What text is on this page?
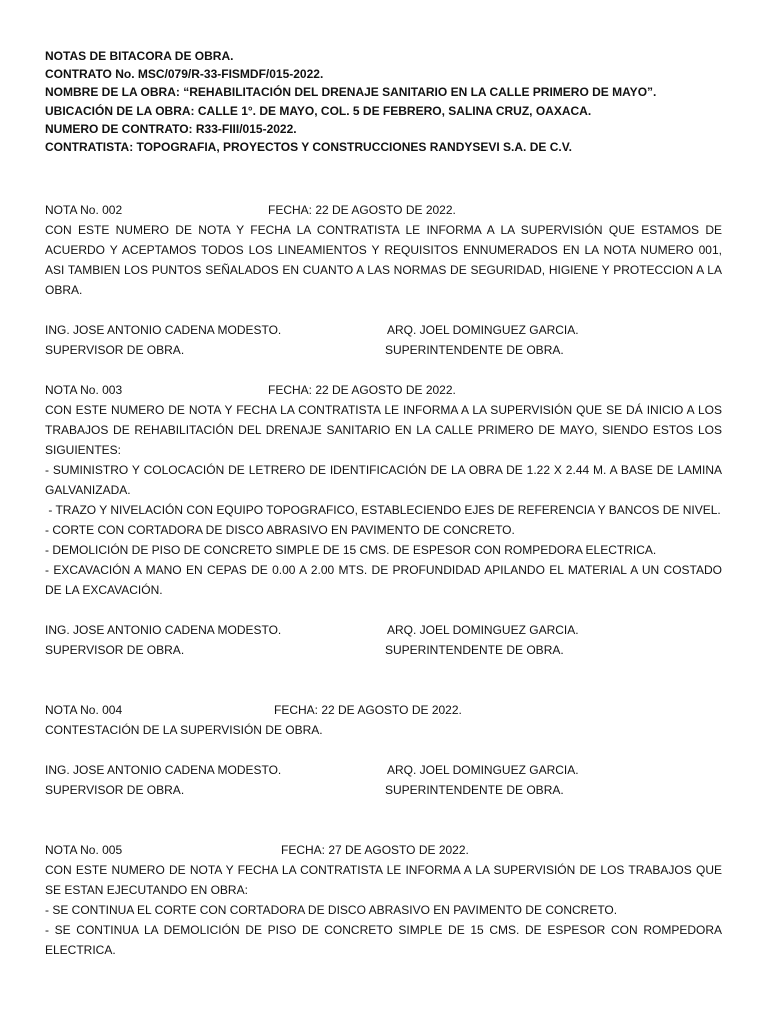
NOTAS DE BITACORA DE OBRA.
CONTRATO No. MSC/079/R-33-FISMDF/015-2022.
NOMBRE DE LA OBRA: “REHABILITACIÓN DEL DRENAJE SANITARIO EN LA CALLE PRIMERO DE MAYO”.
UBICACIÓN DE LA OBRA: CALLE 1°. DE MAYO, COL. 5 DE FEBRERO, SALINA CRUZ, OAXACA.
NUMERO DE CONTRATO: R33-FIII/015-2022.
CONTRATISTA: TOPOGRAFIA, PROYECTOS Y CONSTRUCCIONES RANDYSEVI S.A. DE C.V.
NOTA No. 002	FECHA: 22 DE AGOSTO DE 2022.
CON ESTE NUMERO DE NOTA Y FECHA LA CONTRATISTA LE INFORMA A LA SUPERVISIÓN QUE ESTAMOS DE ACUERDO Y ACEPTAMOS TODOS LOS LINEAMIENTOS Y REQUISITOS ENNUMERADOS EN LA NOTA NUMERO 001, ASI TAMBIEN LOS PUNTOS SEÑALADOS EN CUANTO A LAS NORMAS DE SEGURIDAD, HIGIENE Y PROTECCION A LA OBRA.
ING. JOSE ANTONIO CADENA MODESTO.	ARQ. JOEL DOMINGUEZ GARCIA.
SUPERVISOR DE OBRA.	SUPERINTENDENTE DE OBRA.
NOTA No. 003	FECHA: 22 DE AGOSTO DE 2022.
CON ESTE NUMERO DE NOTA Y FECHA LA CONTRATISTA LE INFORMA A LA SUPERVISIÓN QUE SE DÁ INICIO A LOS TRABAJOS DE REHABILITACIÓN DEL DRENAJE SANITARIO EN LA CALLE PRIMERO DE MAYO, SIENDO ESTOS LOS SIGUIENTES:
- SUMINISTRO Y COLOCACIÓN DE LETRERO DE IDENTIFICACIÓN DE LA OBRA DE 1.22 X 2.44 M. A BASE DE LAMINA GALVANIZADA.
- TRAZO Y NIVELACIÓN CON EQUIPO TOPOGRAFICO, ESTABLECIENDO EJES DE REFERENCIA Y BANCOS DE NIVEL.
- CORTE CON CORTADORA DE DISCO ABRASIVO EN PAVIMENTO DE CONCRETO.
- DEMOLICIÓN DE PISO DE CONCRETO SIMPLE DE 15 CMS. DE ESPESOR CON ROMPEDORA ELECTRICA.
- EXCAVACIÓN A MANO EN CEPAS DE 0.00 A 2.00 MTS. DE PROFUNDIDAD APILANDO EL MATERIAL A UN COSTADO DE LA EXCAVACIÓN.
ING. JOSE ANTONIO CADENA MODESTO.	ARQ. JOEL DOMINGUEZ GARCIA.
SUPERVISOR DE OBRA.	SUPERINTENDENTE DE OBRA.
NOTA No. 004	FECHA: 22 DE AGOSTO DE 2022.
CONTESTACIÓN DE LA SUPERVISIÓN DE OBRA.
ING. JOSE ANTONIO CADENA MODESTO.	ARQ. JOEL DOMINGUEZ GARCIA.
SUPERVISOR DE OBRA.	SUPERINTENDENTE DE OBRA.
NOTA No. 005	FECHA: 27 DE AGOSTO DE 2022.
CON ESTE NUMERO DE NOTA Y FECHA LA CONTRATISTA LE INFORMA A LA SUPERVISIÓN DE LOS TRABAJOS QUE SE ESTAN EJECUTANDO EN OBRA:
- SE CONTINUA EL CORTE CON CORTADORA DE DISCO ABRASIVO EN PAVIMENTO DE CONCRETO.
- SE CONTINUA LA DEMOLICIÓN DE PISO DE CONCRETO SIMPLE DE 15 CMS. DE ESPESOR CON ROMPEDORA ELECTRICA.
